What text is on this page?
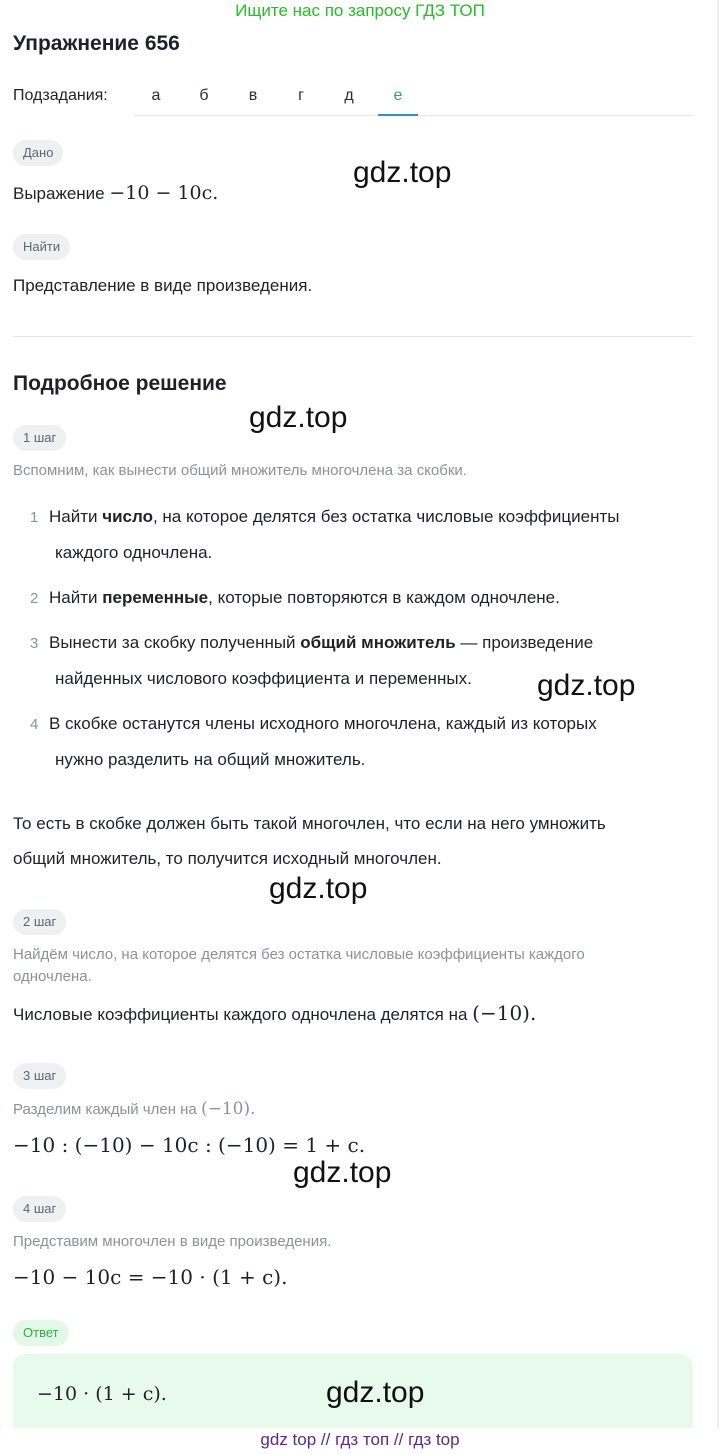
Ищите нас по запросу ГДЗ ТОП
Упражнение 656
Подзадания:	а	б	в	г	д	е
Дано
Выражение −10 − 10c.
gdz.top
Найти
Представление в виде произведения.
Подробное решение
gdz.top
1 шаг
Вспомним, как вынести общий множитель многочлена за скобки.
1 Найти число, на которое делятся без остатка числовые коэффициенты
каждого одночлена.
2 Найти переменные, которые повторяются в каждом одночлене.
3 Вынести за скобку полученный общий множитель — произведение
найденных числового коэффициента и переменных. gdz.top
4 В скобке останутся члены исходного многочлена, каждый из которых
нужно разделить на общий множитель.
То есть в скобке должен быть такой многочлен, что если на него умножить
общий множитель, то получится исходный многочлен.
gdz.top
2 шаг
Найдём число, на которое делятся без остатка числовые коэффициенты каждого
одночлена.
Числовые коэффициенты каждого одночлена делятся на (−10).
3 шаг
Разделим каждый член на (−10).
−10 : (−10) − 10c : (−10) = 1 + c.
gdz.top
4 шаг
Представим многочлен в виде произведения.
−10 − 10c = −10 · (1 + c).
Ответ
−10 · (1 + c).	gdz.top
gdz top // гдз топ // гдз top
